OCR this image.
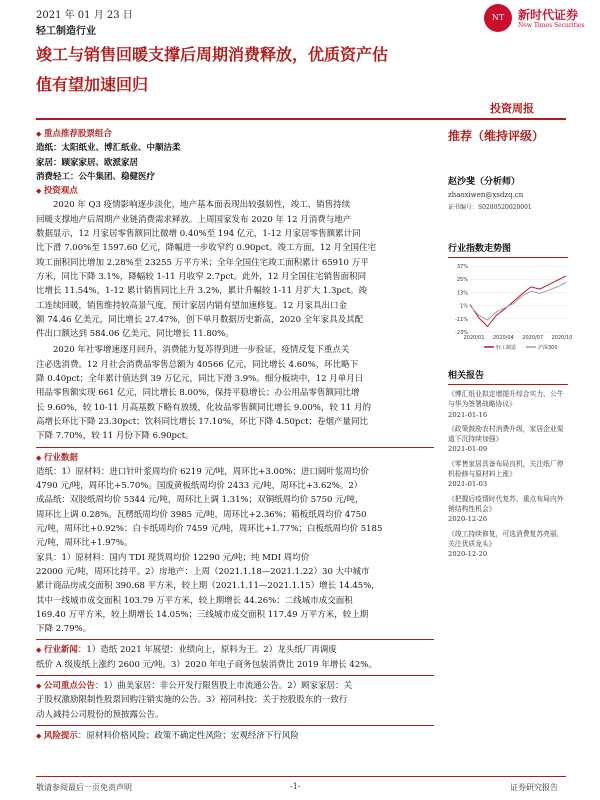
2021 年 01 月 23 日
轻工制造行业
NT	新时代证券
New Times Securities
竣工与销售回暖支撑后周期消费释放，优质资产估
值有望加速回归
投资周报
◆ 重点推荐股票组合
造纸：太阳纸业、博汇纸业、中顺洁柔
家居：顾家家居、欧派家居
消费轻工：公牛集团、稳健医疗
◆ 投资观点

2020 年 Q3 疫情影响逐步淡化，地产基本面表现出较强韧性，竣工、销售持续

回暖支撑地产后周期产业链消费需求释放。上周国家发布 2020 年 12 月消费与地产

数据显示，12 月家居零售额同比微增 0.40%至 194 亿元，1-12 月家居零售额累计同

比下滑 7.00%至 1597.60 亿元，降幅进一步收窄约 0.90pct。竣工方面，12 月全国住宅

竣工面积同比增加 2.28%至 23255 万平方米；全年全国住宅竣工面积累计 65910 万平

方米，同比下降 3.1%，降幅较 1-11 月收窄 2.7pct。此外，12 月全国住宅销售面积同

比增长 11.54%，1-12 累计销售同比上升 3.2%，累计升幅较 1-11 月扩大 1.3pct。竣

工连续回暖，销售维持较高景气度，预计家居内销有望加速修复。12 月家具出口金

额 74.46 亿美元，同比增长 27.47%，创下单月数据历史新高，2020 全年家具及其配

件出口额达到 584.06 亿美元，同比增长 11.80%。

2020 年社零增速逐月回升，消费能力复苏得到进一步验证，疫情反复下重点关

注必选消费。12 月社会消费品零售总额为 40566 亿元，同比增长 4.60%，环比略下

降 0.40pct；全年累计值达到 39 万亿元，同比下滑 3.9%。细分板块中，12 月单月日

用品零售额实现 661 亿元，同比增长 8.00%，保持平稳增长；办公用品零售额同比增

长 9.60%，较 10-11 月高基数下略有放缓，化妆品零售额同比增长 9.00%，较 11 月的

高增长环比下降 23.30pct；饮料同比增长 17.10%，环比下降 4.50pct；卷烟产量同比

下降 7.70%，较 11 月份下降 6.90pct。

◆ 行业数据

造纸：1）原材料：进口针叶浆周均价 6219 元/吨，周环比+3.00%；进口阔叶浆周均价

4790 元/吨，周环比+5.70%。国废黄板纸周均价 2433 元/吨，周环比+3.62%。2）

成品纸：双胶纸周均价 5344 元/吨，周环比上调 1.31%；双铜纸周均价 5750 元/吨，

周环比上调 0.28%。瓦楞纸周均价 3985 元/吨，周环比+2.36%；箱板纸周均价 4750

元/吨，周环比+0.92%；白卡纸周均价 7459 元/吨，周环比+1.77%；白板纸周均价 5185

元/吨，周环比+1.97%。

家具：1）原材料：国内 TDI 现货周均价 12290 元/吨；纯 MDI 周均价

22000 元/吨，周环比持平。2）房地产：上周（2021.1.18—2021.1.22）30 大中城市

累计商品房成交面积 390.68 平方米，较上期（2021.1.11—2021.1.15）增长 14.45%，

其中一线城市成交面积 103.79 万平方米，较上期增长 44.26%；二线城市成交面积

169.40 万平方米，较上期增长 14.05%；三线城市成交面积 117.49 万平方米，较上期

下降 2.79%。

◆ 行业新闻：1）造纸 2021 年展望：业绩向上，原料为王。2）龙头纸厂再调废

纸价 A 级废纸上涨约 2600 元/吨。3）2020 年电子商务包装消费比 2019 年增长 42%。

◆ 公司重点公告：1）曲美家居：非公开发行限售股上市流通公告。2）顾家家居：关

于股权激励限制性股票回购注销实施的公告。3）裕同科技：关于控股股东的一致行

动人减持公司股份的预披露公告。

◆ 风险提示：原材料价格风险；政策不确定性风险；宏观经济下行风险
推荐（维持评级）
赵沙斐（分析师）
zhaoxiwen@xsdzq.cn
证书编号：S0280520020001
行业指数走势图
37%
25%
13%
1%
-11%
-23%
2020/01 2020/04 2020/07 2020/10
轻工制造	沪深300
相关报告

《博汇纸业拟定增提升综合实力，公牛与华为签署战略协议》

2021-01-16

《政策鼓励农村消费升级，家居企业渠道下沉持续加强》

2021-01-09

《零售家居具备布局良机，关注纸厂停机检修与原材料上涨》

2021-01-03

《把握后疫情时代复苏，重点布局内外销结构性机会》

2020-12-26

《竣工持续修复，可选消费复苏亮丽，关注优质龙头》

2020-12-20

敬请参阅最后一页免责声明	-1-	证券研究报告
